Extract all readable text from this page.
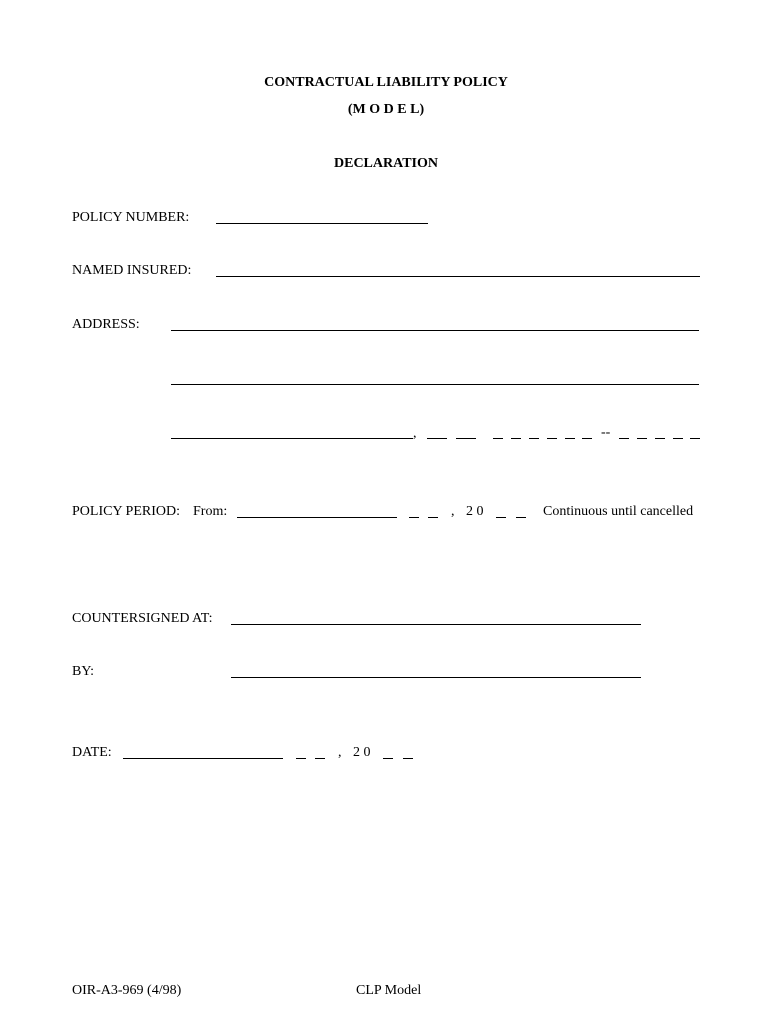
CONTRACTUAL LIABILITY POLICY
(M O D E L)
DECLARATION
POLICY NUMBER:
NAMED INSURED:
ADDRESS:
,	--
POLICY PERIOD: From:	, 2 0	Continuous until cancelled
COUNTERSIGNED AT:
BY:
DATE:	, 2 0
OIR-A3-969 (4/98)	CLP Model
